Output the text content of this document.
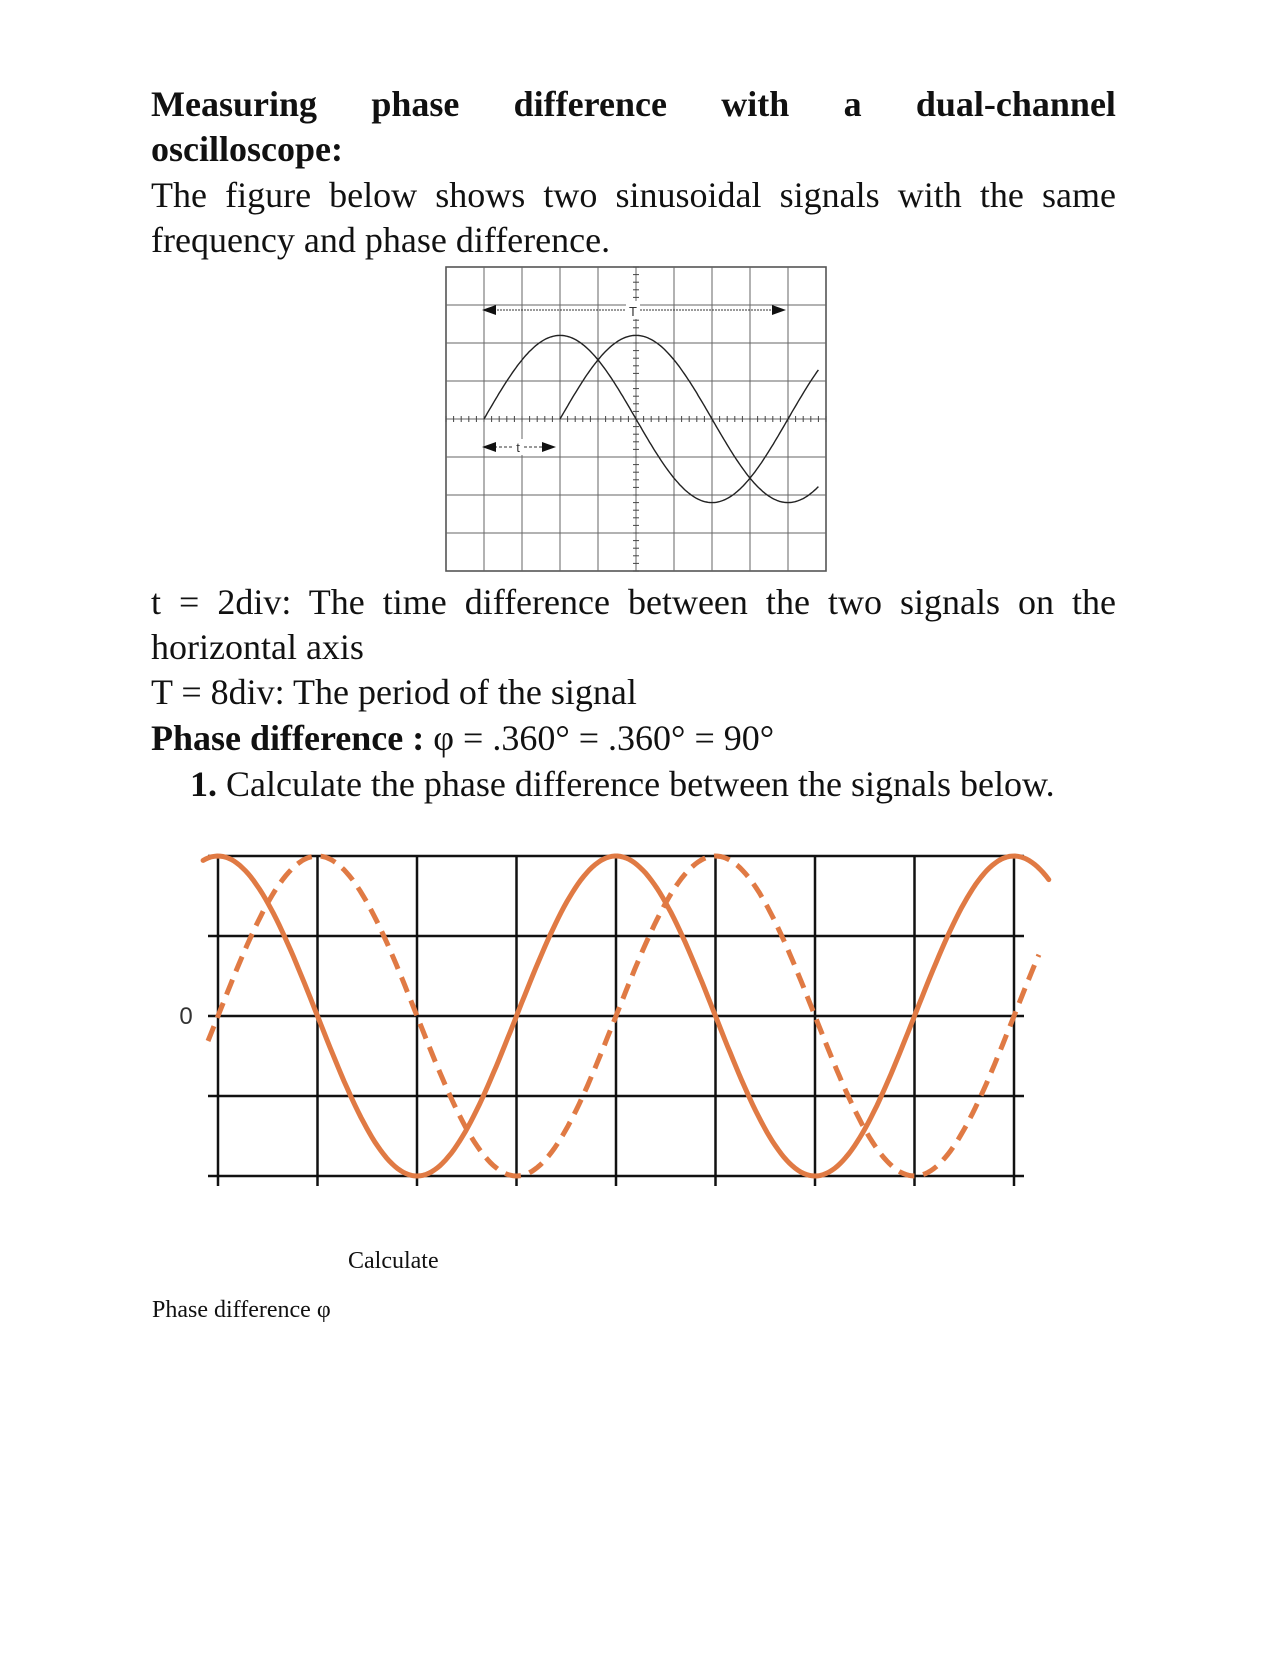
Measuring phase difference with a dual-channel
oscilloscope:
The figure below shows two sinusoidal signals with the same frequency and phase difference.
T
t
t = 2div: The time difference between the two signals on the horizontal axis
T = 8div: The period of the signal
Phase difference : φ = .360° = .360° = 90°
1. Calculate the phase difference between the signals below.
0
Calculate
Phase difference φ
